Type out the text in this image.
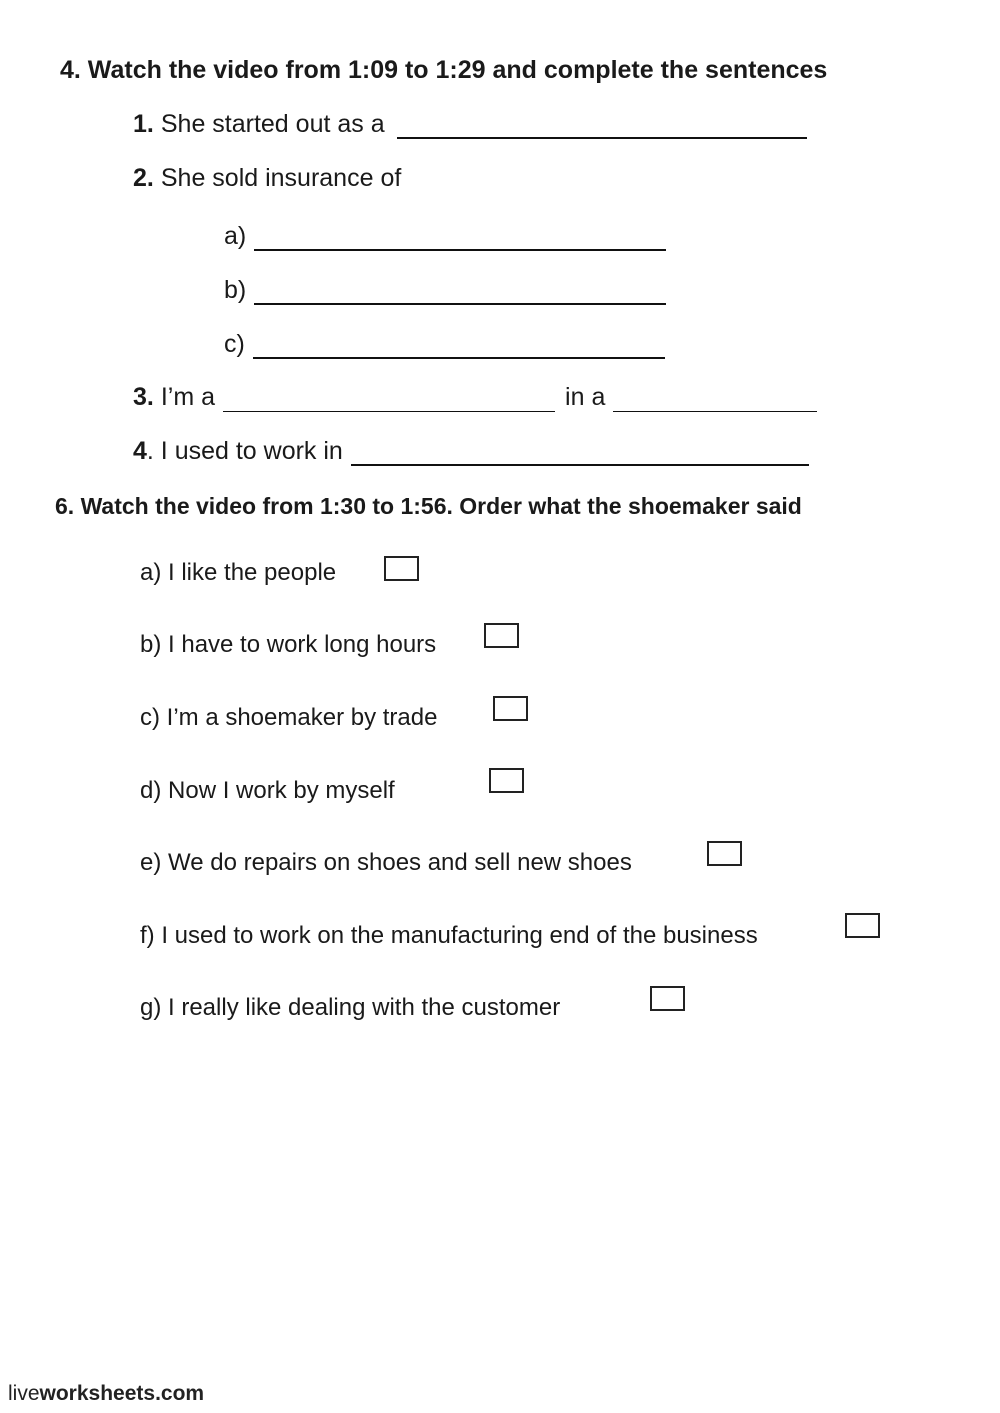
4. Watch the video from 1:09 to 1:29 and complete the sentences
1. She started out as a
2. She sold insurance of
a)
b)
c)
3. I’m a	in a
4 . I used to work in
6. Watch the video from 1:30 to 1:56. Order what the shoemaker said
a) I like the people
b) I have to work long hours
c) I’m a shoemaker by trade
d) Now I work by myself
e) We do repairs on shoes and sell new shoes
f) I used to work on the manufacturing end of the business
g) I really like dealing with the customer
liveworksheets.com
